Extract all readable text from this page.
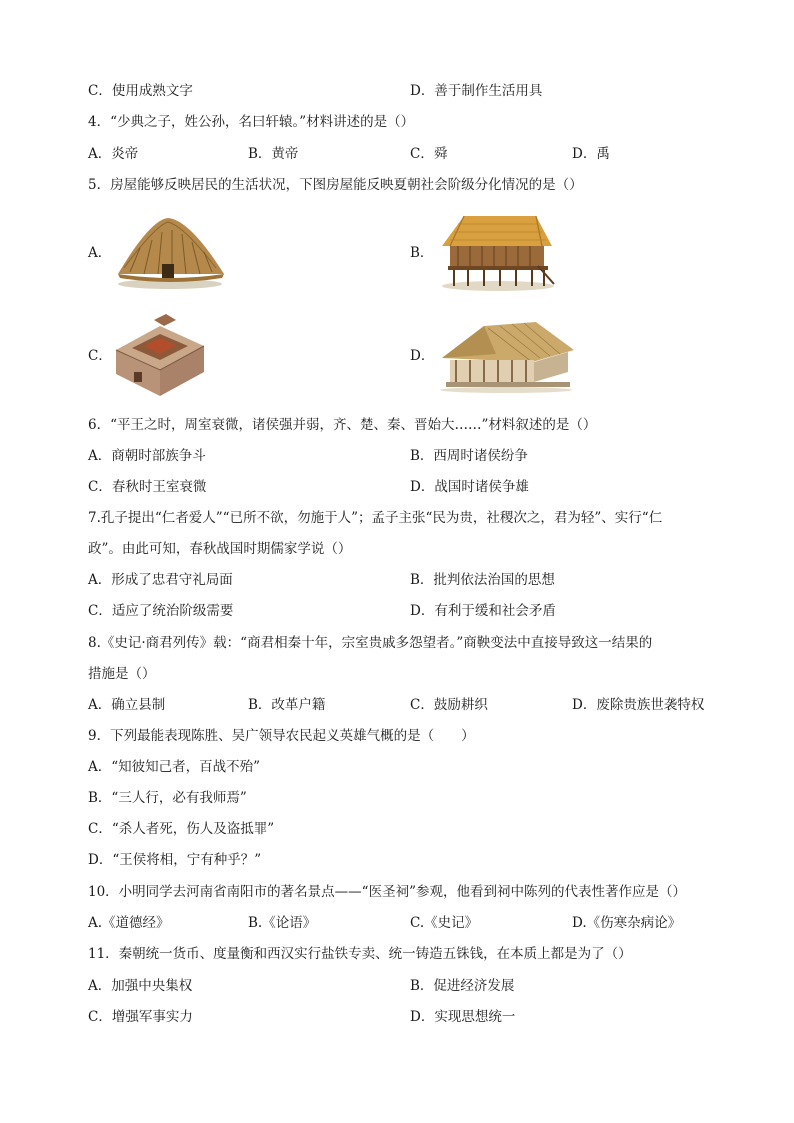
C．使用成熟文字	D．善于制作生活用具
4．“少典之子，姓公孙，名曰轩辕。”材料讲述的是（）
A．炎帝	B．黄帝	C．舜	D．禹
5．房屋能够反映居民的生活状况，下图房屋能反映夏朝社会阶级分化情况的是（）
A．	B．
C．	D．
6．“平王之时，周室衰微，诸侯强并弱，齐、楚、秦、晋始大……”材料叙述的是（）
A．商朝时部族争斗	B．西周时诸侯纷争
C．春秋时王室衰微	D．战国时诸侯争雄
7.孔子提出“仁者爱人”“已所不欲，勿施于人”；孟子主张“民为贵，社稷次之，君为轻”、实行“仁
政”。由此可知，春秋战国时期儒家学说（）
A．形成了忠君守礼局面	B．批判依法治国的思想
C．适应了统治阶级需要	D．有利于缓和社会矛盾
8.《史记·商君列传》载：“商君相秦十年，宗室贵戚多怨望者。”商鞅变法中直接导致这一结果的
措施是（）
A．确立县制	B．改革户籍	C．鼓励耕织	D．废除贵族世袭特权
9．下列最能表现陈胜、吴广领导农民起义英雄气概的是（　　）
A．“知彼知己者，百战不殆”
B．“三人行，必有我师焉”
C．“杀人者死，伤人及盗抵罪”
D．“王侯将相，宁有种乎？”
10．小明同学去河南省南阳市的著名景点——“医圣祠”参观，他看到祠中陈列的代表性著作应是（）
A.《道德经》	B.《论语》	C.《史记》	D.《伤寒杂病论》
11．秦朝统一货币、度量衡和西汉实行盐铁专卖、统一铸造五铢钱，在本质上都是为了（）
A．加强中央集权	B．促进经济发展
C．增强军事实力	D．实现思想统一
